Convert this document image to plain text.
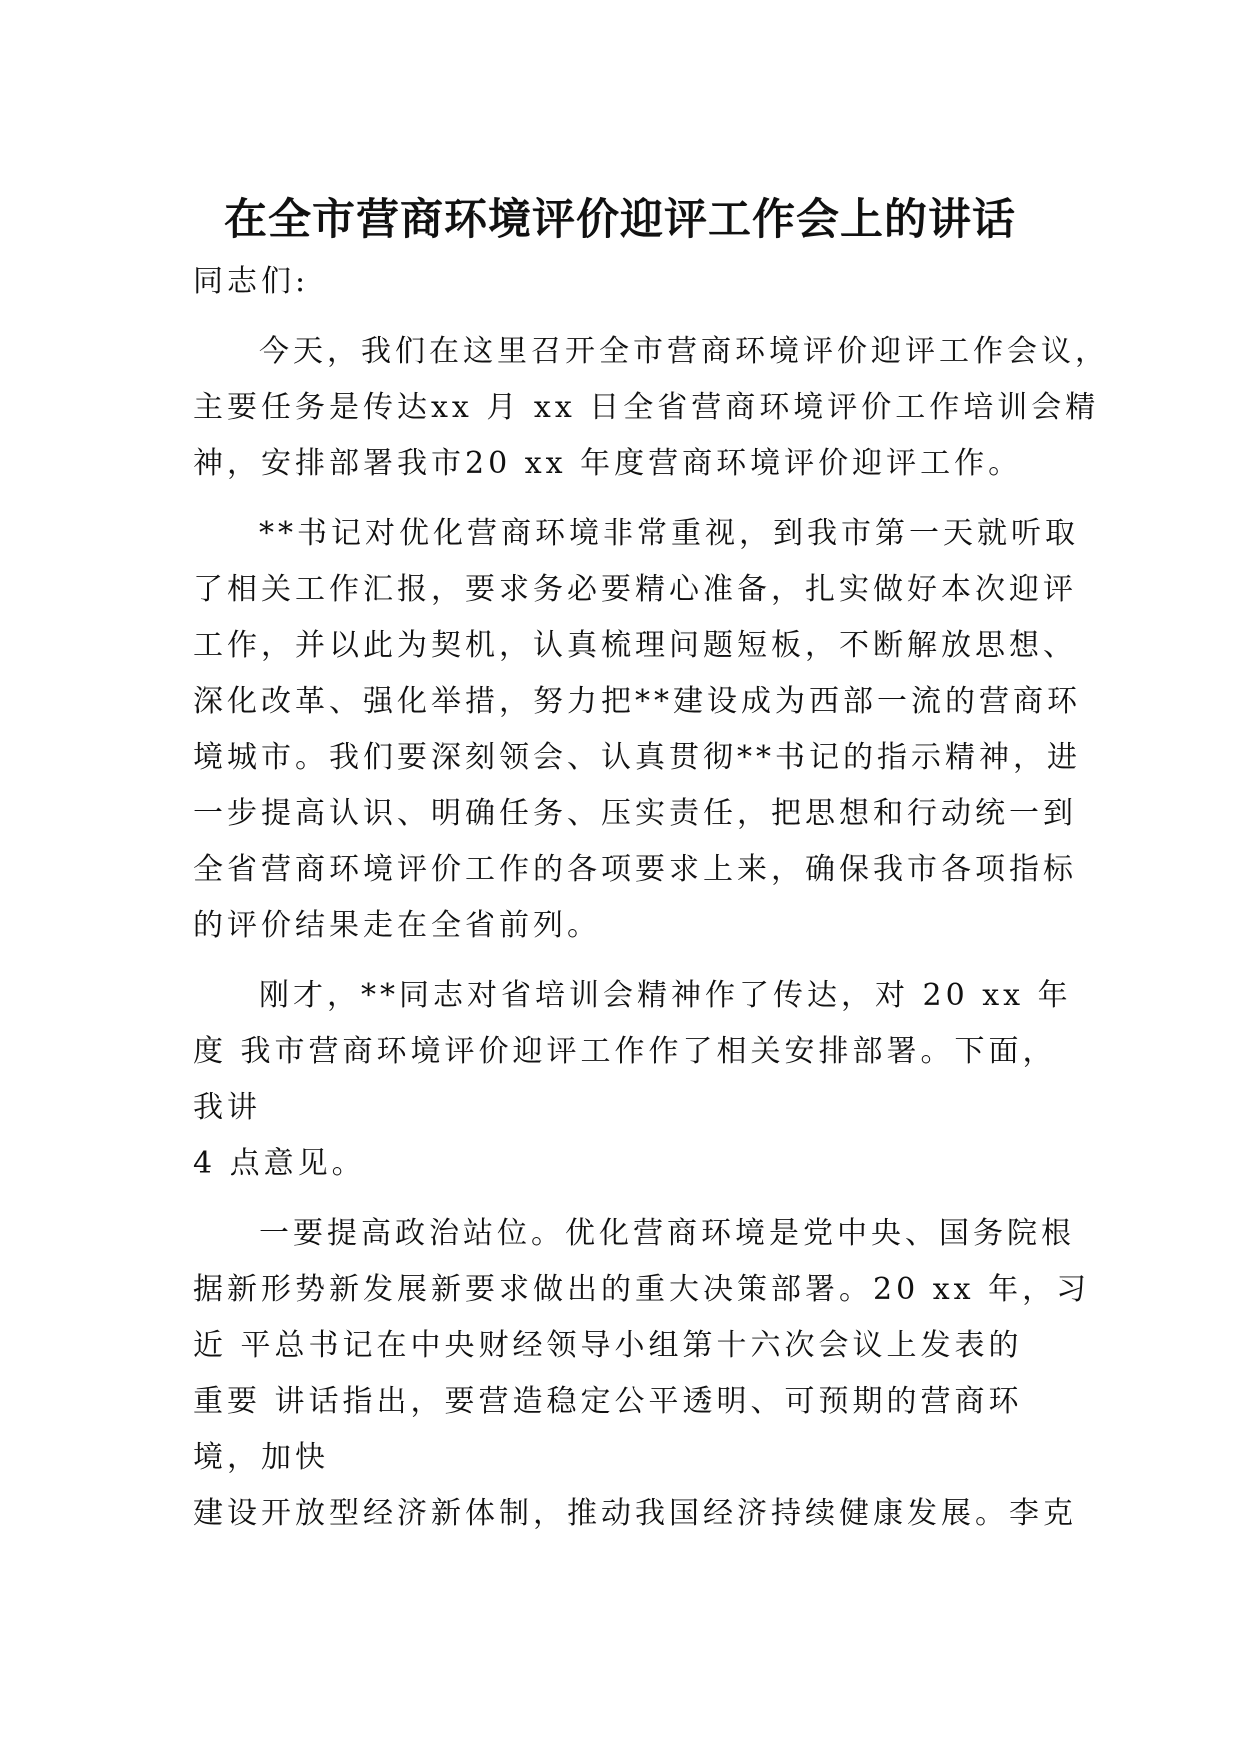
在全市营商环境评价迎评工作会上的讲话
同志们:
今天，我们在这里召开全市营商环境评价迎评工作会议，
主要任务是传达xx 月 xx 日全省营商环境评价工作培训会精
神，安排部署我市20 xx 年度营商环境评价迎评工作。
**书记对优化营商环境非常重视，到我市第一天就听取
了相关工作汇报，要求务必要精心准备，扎实做好本次迎评
工作，并以此为契机，认真梳理问题短板，不断解放思想、
深化改革、强化举措，努力把**建设成为西部一流的营商环
境城市。我们要深刻领会、认真贯彻**书记的指示精神，进
一步提高认识、明确任务、压实责任，把思想和行动统一到
全省营商环境评价工作的各项要求上来，确保我市各项指标
的评价结果走在全省前列。
刚才，**同志对省培训会精神作了传达，对 20 xx 年
度 我市营商环境评价迎评工作作了相关安排部署。下面，
我讲
4 点意见。
一要提高政治站位。优化营商环境是党中央、国务院根
据新形势新发展新要求做出的重大决策部署。20 xx 年，习
近 平总书记在中央财经领导小组第十六次会议上发表的
重要 讲话指出，要营造稳定公平透明、可预期的营商环
境，加快
建设开放型经济新体制，推动我国经济持续健康发展。李克
